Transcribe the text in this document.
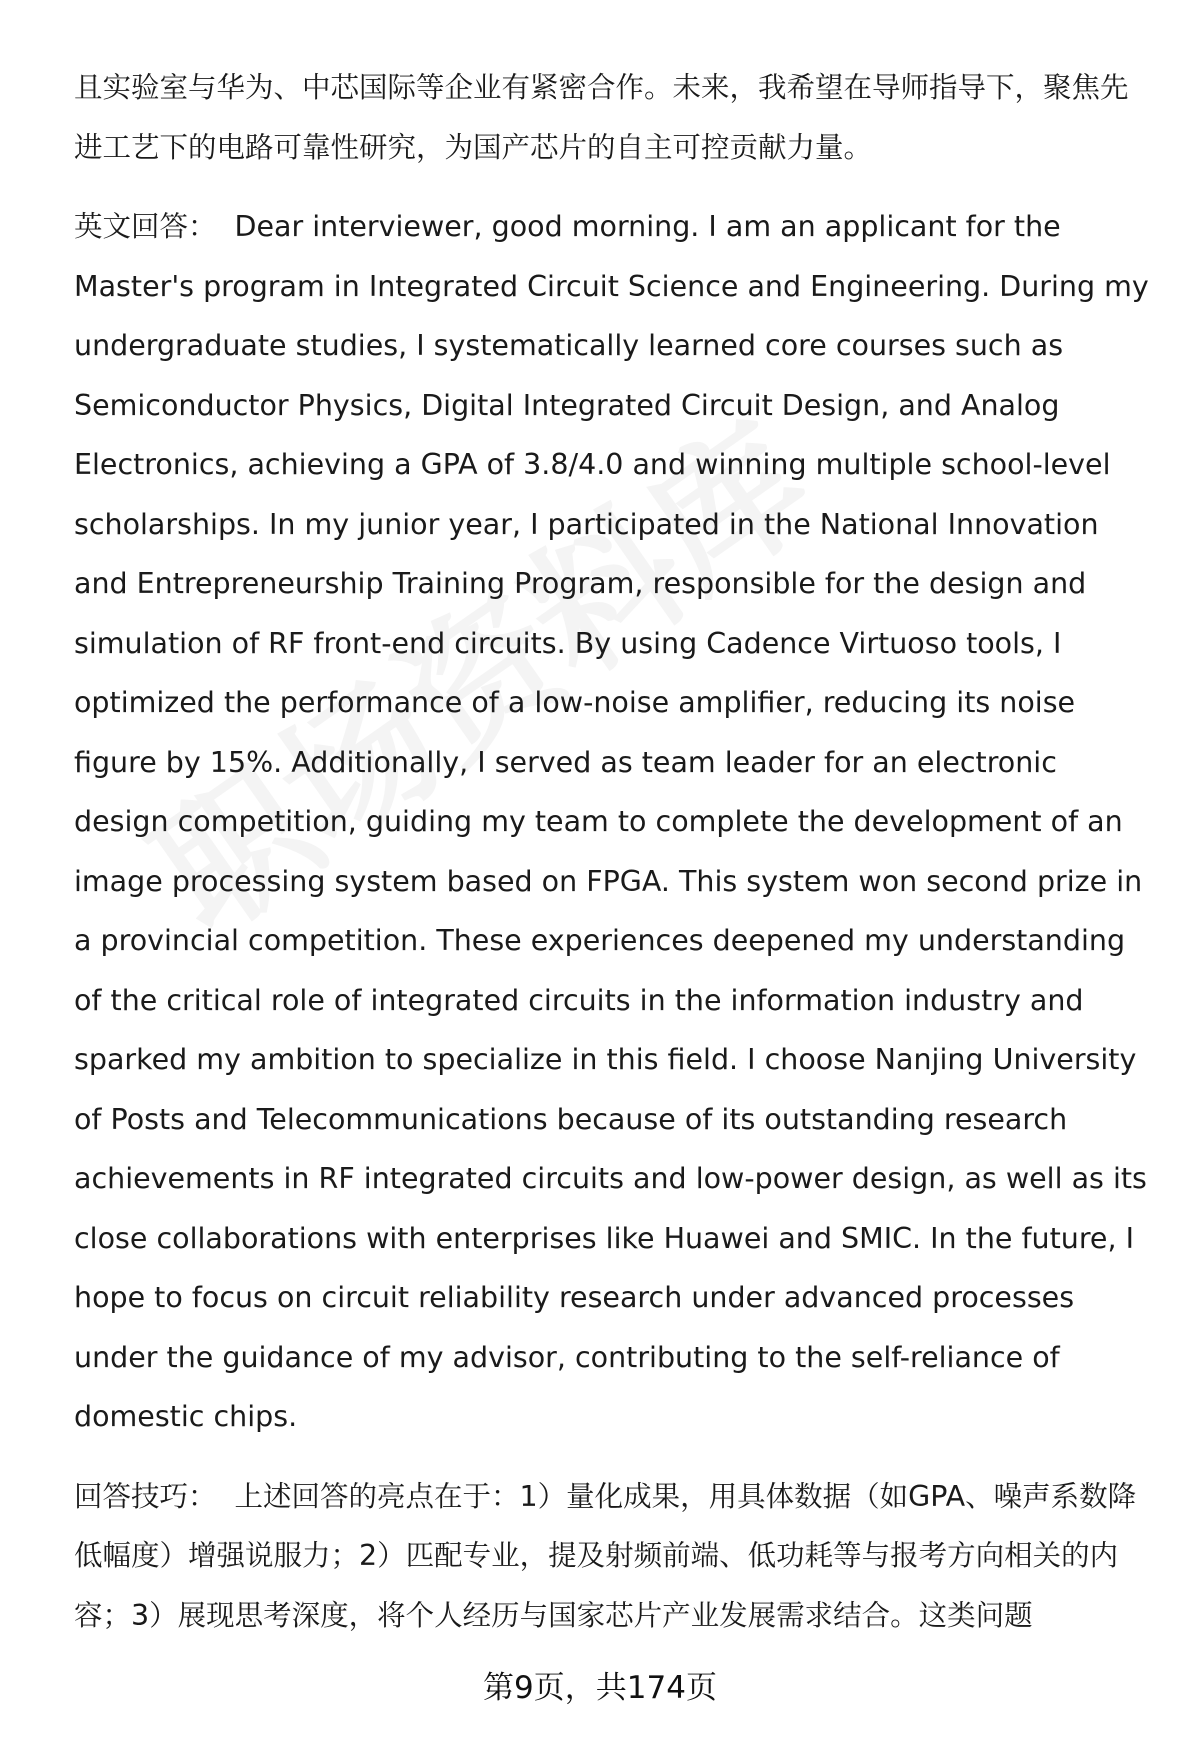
且实验室与华为、中芯国际等企业有紧密合作。未来，我希望在导师指导下，聚焦先进工艺下的电路可靠性研究，为国产芯片的自主可控贡献力量。

英文回答： Dear interviewer, good morning. I am an applicant for the Master's program in Integrated Circuit Science and Engineering. During my undergraduate studies, I systematically learned core courses such as Semiconductor Physics, Digital Integrated Circuit Design, and Analog Electronics, achieving a GPA of 3.8/4.0 and winning multiple school-level scholarships. In my junior year, I participated in the National Innovation and Entrepreneurship Training Program, responsible for the design and simulation of RF front-end circuits. By using Cadence Virtuoso tools, I optimized the performance of a low-noise amplifier, reducing its noise figure by 15%. Additionally, I served as team leader for an electronic design competition, guiding my team to complete the development of an image processing system based on FPGA. This system won second prize in a provincial competition. These experiences deepened my understanding of the critical role of integrated circuits in the information industry and sparked my ambition to specialize in this field. I choose Nanjing University of Posts and Telecommunications because of its outstanding research achievements in RF integrated circuits and low-power design, as well as its close collaborations with enterprises like Huawei and SMIC. In the future, I hope to focus on circuit reliability research under advanced processes under the guidance of my advisor, contributing to the self-reliance of domestic chips.

回答技巧： 上述回答的亮点在于：1）量化成果，用具体数据（如GPA、噪声系数降低幅度）增强说服力；2）匹配专业，提及射频前端、低功耗等与报考方向相关的内容；3）展现思考深度，将个人经历与国家芯片产业发展需求结合。这类问题

第9页，共174页
